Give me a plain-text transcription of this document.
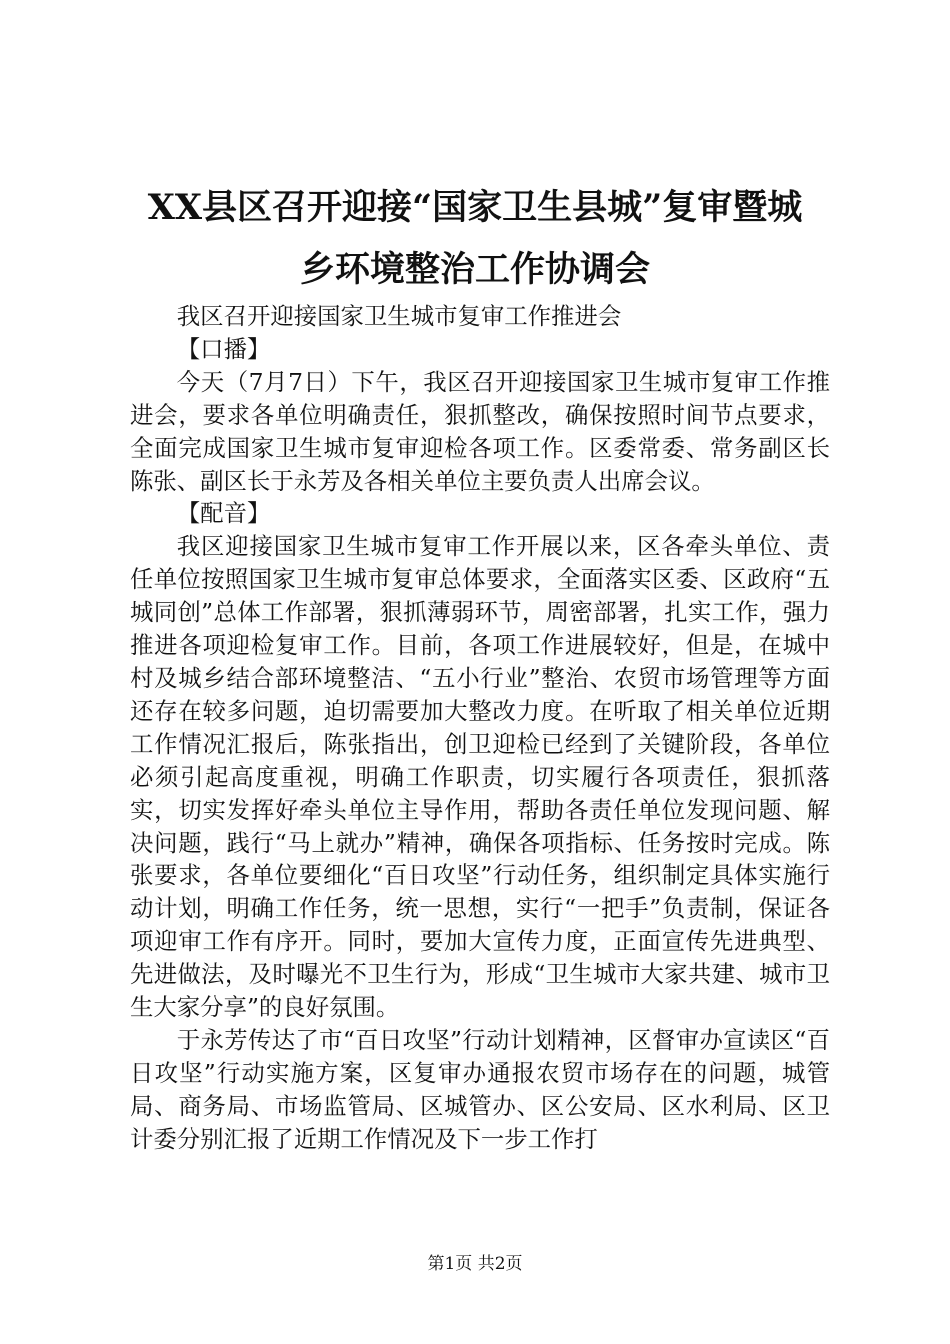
XX县区召开迎接“国家卫生县城”复审暨城
乡环境整治工作协调会

我区召开迎接国家卫生城市复审工作推进会

【口播】

今天（7月7日）下午，我区召开迎接国家卫生城市复审工作推进会，要求各单位明确责任，狠抓整改，确保按照时间节点要求，全面完成国家卫生城市复审迎检各项工作。区委常委、常务副区长陈张、副区长于永芳及各相关单位主要负责人出席会议。

【配音】

我区迎接国家卫生城市复审工作开展以来，区各牵头单位、责任单位按照国家卫生城市复审总体要求，全面落实区委、区政府“五城同创”总体工作部署，狠抓薄弱环节，周密部署，扎实工作，强力推进各项迎检复审工作。目前，各项工作进展较好，但是，在城中村及城乡结合部环境整洁、“五小行业”整治、农贸市场管理等方面还存在较多问题，迫切需要加大整改力度。在听取了相关单位近期工作情况汇报后，陈张指出，创卫迎检已经到了关键阶段，各单位必须引起高度重视，明确工作职责，切实履行各项责任，狠抓落实，切实发挥好牵头单位主导作用，帮助各责任单位发现问题、解决问题，践行“马上就办”精神，确保各项指标、任务按时完成。陈张要求，各单位要细化“百日攻坚”行动任务，组织制定具体实施行动计划，明确工作任务，统一思想，实行“一把手”负责制，保证各项迎审工作有序开。同时，要加大宣传力度，正面宣传先进典型、先进做法，及时曝光不卫生行为，形成“卫生城市大家共建、城市卫生大家分享”的良好氛围。

于永芳传达了市“百日攻坚”行动计划精神，区督审办宣读区“百日攻坚”行动实施方案，区复审办通报农贸市场存在的问题，城管局、商务局、市场监管局、区城管办、区公安局、区水利局、区卫计委分别汇报了近期工作情况及下一步工作打

第1页 共2页
